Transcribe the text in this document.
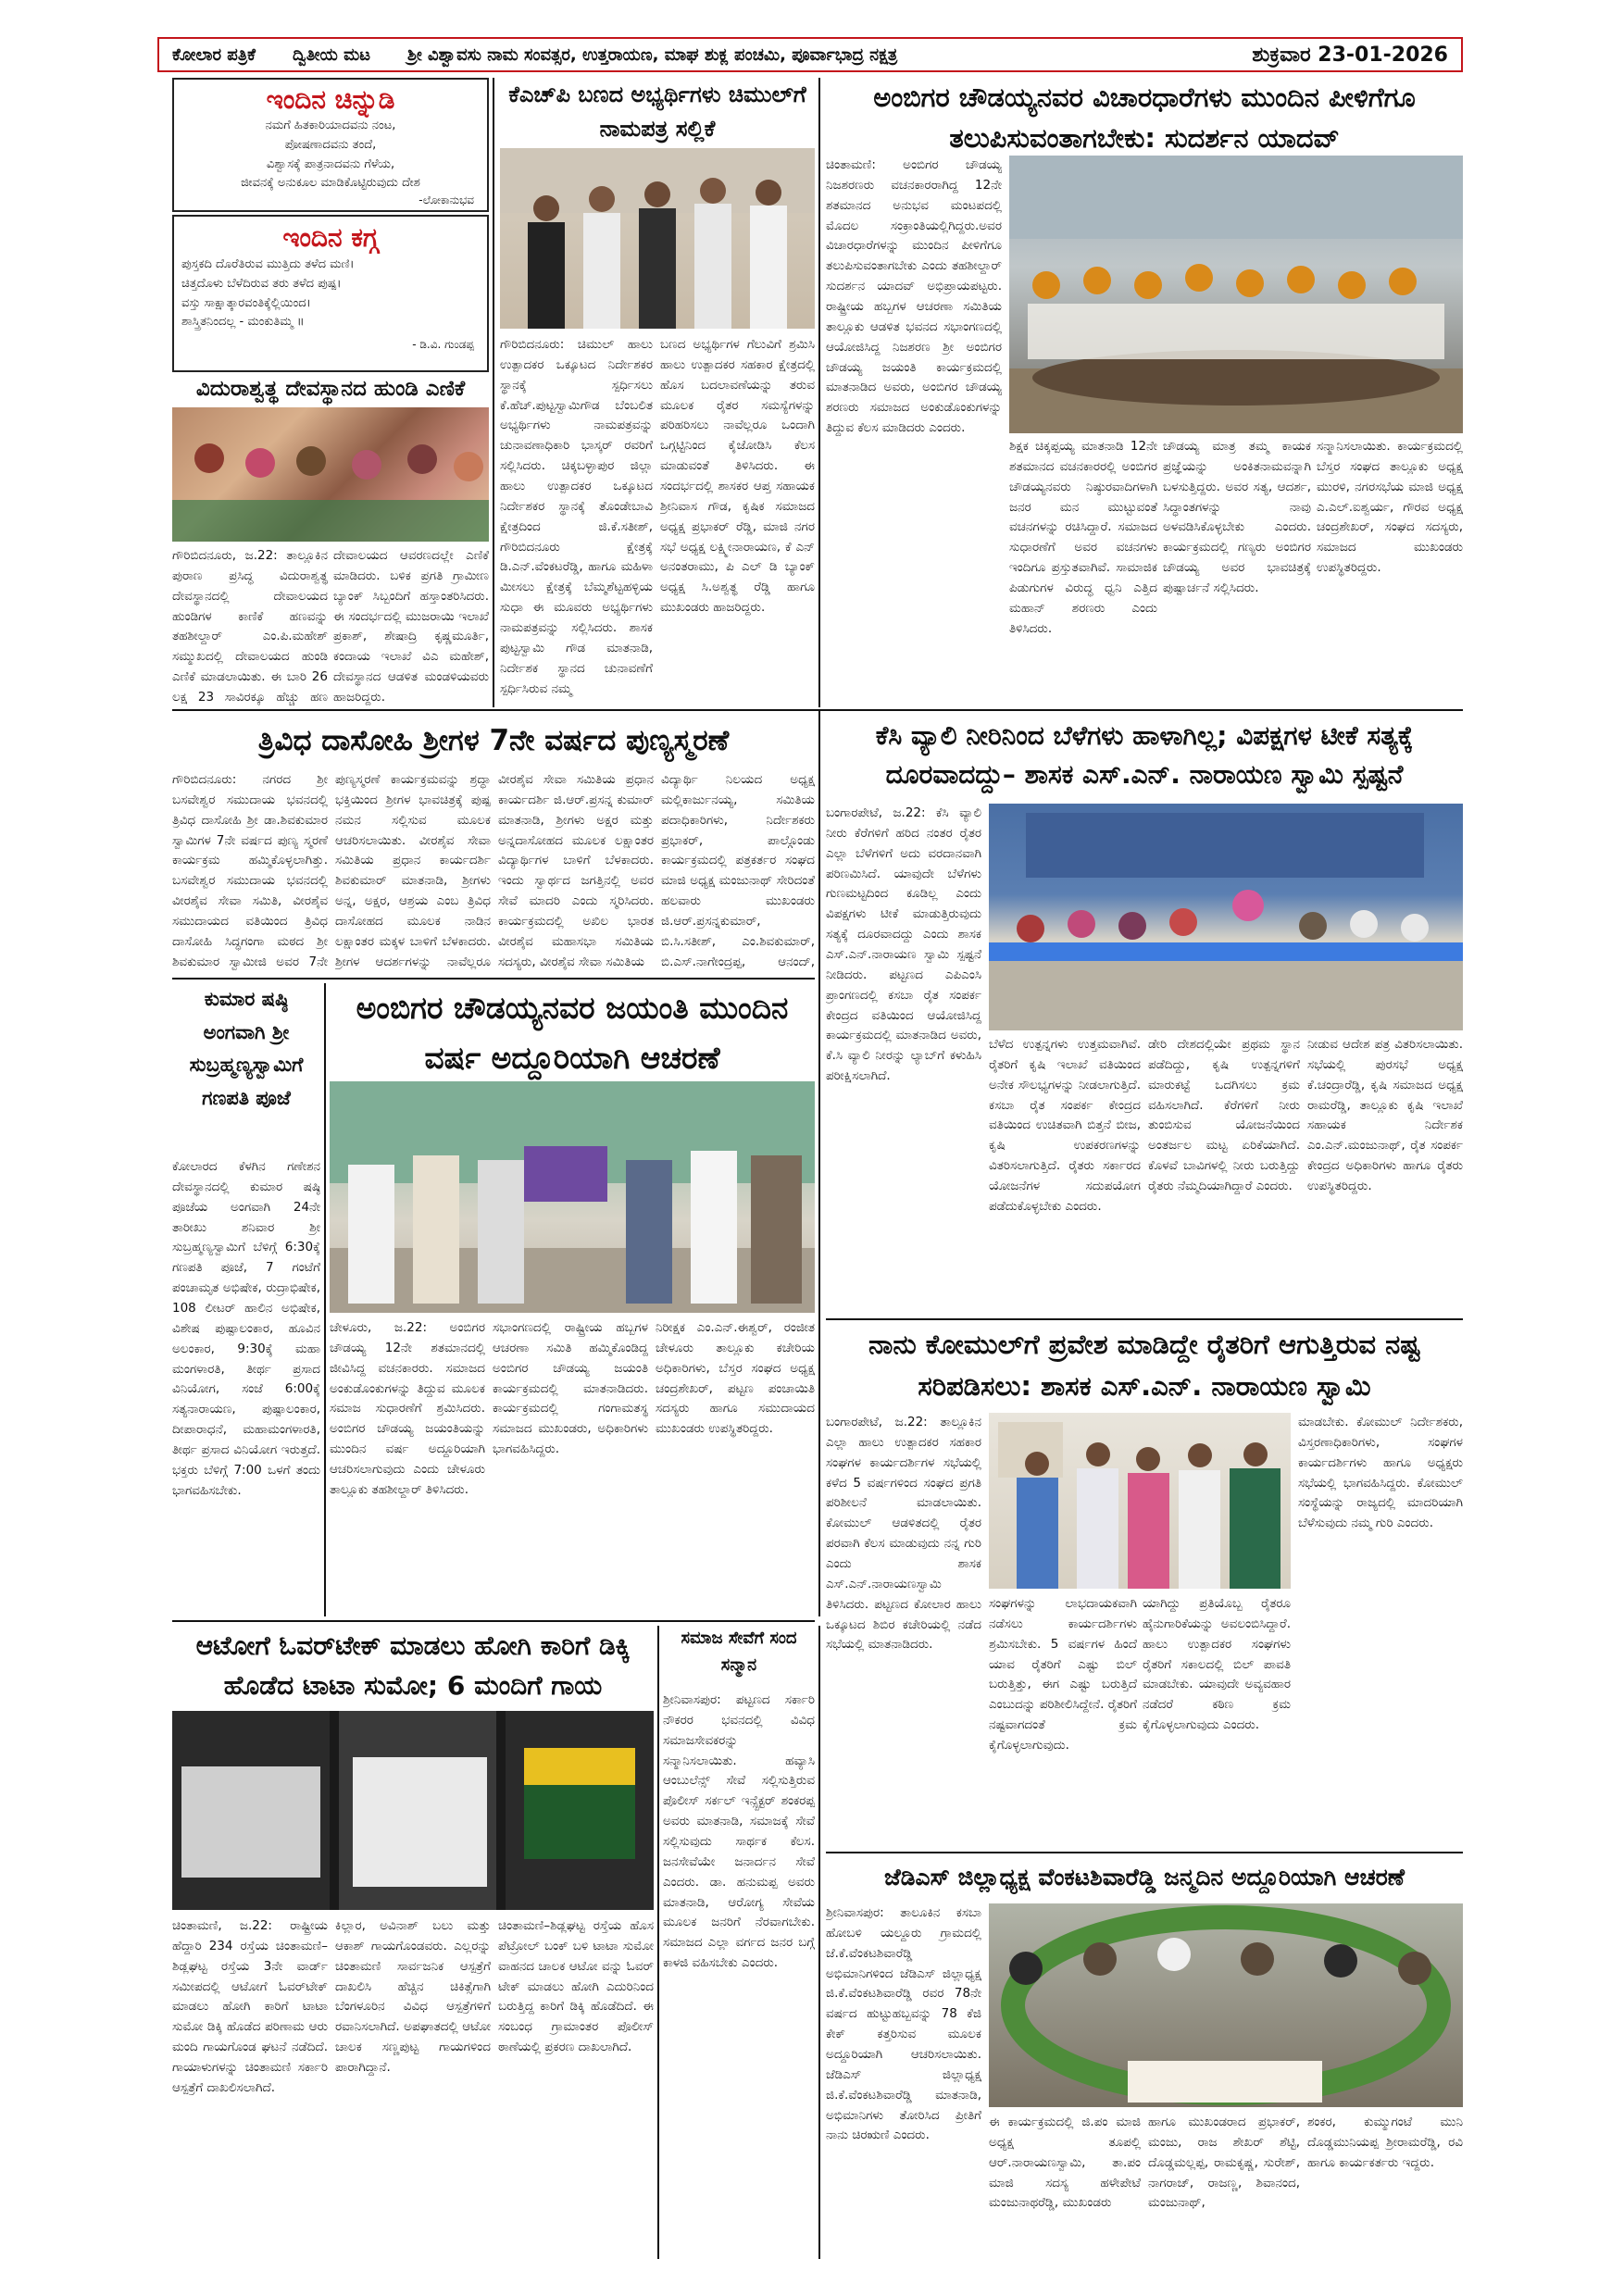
ಕೋಲಾರ ಪತ್ರಿಕೆ ದ್ವಿತೀಯ ಮಟ ಶ್ರೀ ವಿಶ್ವಾವಸು ನಾಮ ಸಂವತ್ಸರ, ಉತ್ತರಾಯಣ, ಮಾಘ ಶುಕ್ಲ ಪಂಚಮಿ, ಪೂರ್ವಾಭಾದ್ರ ನಕ್ಷತ್ರ	ಶುಕ್ರವಾರ 23-01-2026
ಇಂದಿನ ಚಿನ್ನುಡಿ
ನಮಗೆ ಹಿತಕಾರಿಯಾದವನು ನಂಟ,
ಪೋಷಣಾದವನು ತಂದೆ,
ವಿಶ್ವಾಸಕ್ಕೆ ಪಾತ್ರನಾದವನು ಗೆಳೆಯ,
ಜೀವನಕ್ಕೆ ಅನುಕೂಲ ಮಾಡಿಕೊಟ್ಟಿರುವುದು ದೇಶ
-ಲೋಕಾನುಭವ
ಇಂದಿನ ಕಗ್ಗ
ಪುಸ್ತಕದಿ ದೊರೆತಿರುವ ಮುತ್ತಿದು ತಳೆದ ಮಣಿ।
ಚಿತ್ತದೊಳು ಬೆಳೆದಿರುವ ತರು ತಳೆದ ಪುಷ್ಪ।
ವಸ್ತು ಸಾಕ್ಷಾತ್ಕಾರವಂತಿಕ್ಕೆಲ್ಲಿಯಿಂದ।
ಶಾಸ್ತ್ರಿತನಿಂದಲ್ಲ - ಮಂಕುತಿಮ್ಮ ॥
- ಡಿ.ವಿ. ಗುಂಡಪ್ಪ
ವಿದುರಾಶ್ವತ್ಥ ದೇವಸ್ಥಾನದ ಹುಂಡಿ ಎಣಿಕೆ

ಗೌರಿಬಿದನೂರು, ಜ.22: ತಾಲ್ಲೂಕಿನ ಪುರಾಣ ಪ್ರಸಿದ್ಧ ವಿದುರಾಶ್ವತ್ಥ ದೇವಸ್ಥಾನದಲ್ಲಿ ದೇವಾಲಯದ ಹುಂಡಿಗಳ ಕಾಣಿಕೆ ಹಣವನ್ನು ತಹಶೀಲ್ದಾರ್ ಎಂ.ಪಿ.ಮಹೇಶ್ ಸಮ್ಮುಖದಲ್ಲಿ ದೇವಾಲಯದ ಹುಂಡಿ ಎಣಿಕೆ ಮಾಡಲಾಯಿತು. ಈ ಬಾರಿ 26 ಲಕ್ಷ 23 ಸಾವಿರಕ್ಕೂ ಹೆಚ್ಚು ಹಣ

ದೇವಾಲಯದ ಆವರಣದಲ್ಲೇ ಎಣಿಕೆ ಮಾಡಿದರು. ಬಳಿಕ ಪ್ರಗತಿ ಗ್ರಾಮೀಣ ಬ್ಯಾಂಕ್ ಸಿಬ್ಬಂದಿಗೆ ಹಸ್ತಾಂತರಿಸಿದರು. ಈ ಸಂದರ್ಭದಲ್ಲಿ ಮುಜರಾಯಿ ಇಲಾಖೆ ಪ್ರಕಾಶ್, ಶೇಷಾದ್ರಿ ಕೃಷ್ಣಮೂರ್ತಿ, ಕಂದಾಯ ಇಲಾಖೆ ವಿಎ ಮಹೇಶ್, ದೇವಸ್ಥಾನದ ಆಡಳಿತ ಮಂಡಳಿಯವರು ಹಾಜರಿದ್ದರು.

ಕೆಎಚ್‌ಪಿ ಬಣದ ಅಭ್ಯರ್ಥಿಗಳು ಚಿಮುಲ್‌ಗೆ ನಾಮಪತ್ರ ಸಲ್ಲಿಕೆ

ಗೌರಿಬಿದನೂರು: ಚಿಮುಲ್ ಹಾಲು ಉತ್ಪಾದಕರ ಒಕ್ಕೂಟದ ನಿರ್ದೇಶಕರ ಸ್ಥಾನಕ್ಕೆ ಸ್ಪರ್ಧಿಸಲು ಕೆ.ಹೆಚ್.ಪುಟ್ಟಸ್ವಾಮಿಗೌಡ ಬೆಂಬಲಿತ ಅಭ್ಯರ್ಥಿಗಳು ನಾಮಪತ್ರವನ್ನು ಚುನಾವಣಾಧಿಕಾರಿ ಭಾಸ್ಕರ್ ರವರಿಗೆ ಸಲ್ಲಿಸಿದರು. ಚಿಕ್ಕಬಳ್ಳಾಪುರ ಜಿಲ್ಲಾ ಹಾಲು ಉತ್ಪಾದಕರ ಒಕ್ಕೂಟದ ನಿರ್ದೇಶಕರ ಸ್ಥಾನಕ್ಕೆ ತೊಂಡೇಬಾವಿ ಕ್ಷೇತ್ರದಿಂದ ಜಿ.ಕೆ.ಸತೀಶ್, ಗೌರಿಬಿದನೂರು ಕ್ಷೇತ್ರಕ್ಕೆ ಡಿ.ಎನ್.ವೆಂಕಟರೆಡ್ಡಿ, ಹಾಗೂ ಮಹಿಳಾ ಮೀಸಲು ಕ್ಷೇತ್ರಕ್ಕೆ ಬೆಮ್ಮಶೆಟ್ಟಹಳ್ಳಿಯ ಸುಧಾ ಈ ಮೂವರು ಅಭ್ಯರ್ಥಿಗಳು ನಾಮಪತ್ರವನ್ನು ಸಲ್ಲಿಸಿದರು. ಶಾಸಕ ಪುಟ್ಟಸ್ವಾಮಿ ಗೌಡ ಮಾತನಾಡಿ, ನಿರ್ದೇಶಕ ಸ್ಥಾನದ ಚುನಾವಣೆಗೆ ಸ್ಪರ್ಧಿಸಿರುವ ನಮ್ಮ

ಬಣದ ಅಭ್ಯರ್ಥಿಗಳ ಗೆಲುವಿಗೆ ಶ್ರಮಿಸಿ ಹಾಲು ಉತ್ಪಾದಕರ ಸಹಕಾರ ಕ್ಷೇತ್ರದಲ್ಲಿ ಹೊಸ ಬದಲಾವಣೆಯನ್ನು ತರುವ ಮೂಲಕ ರೈತರ ಸಮಸ್ಯೆಗಳನ್ನು ಪರಿಹರಿಸಲು ನಾವೆಲ್ಲರೂ ಒಂದಾಗಿ ಒಗ್ಗಟ್ಟಿನಿಂದ ಕೈಜೋಡಿಸಿ ಕೆಲಸ ಮಾಡುವಂತೆ ತಿಳಿಸಿದರು. ಈ ಸಂದರ್ಭದಲ್ಲಿ ಶಾಸಕರ ಆಪ್ತ ಸಹಾಯಕ ಶ್ರೀನಿವಾಸ ಗೌಡ, ಕೃಷಿಕ ಸಮಾಜದ ಅಧ್ಯಕ್ಷ ಪ್ರಭಾಕರ್ ರೆಡ್ಡಿ, ಮಾಜಿ ನಗರ ಸಭೆ ಅಧ್ಯಕ್ಷ ಲಕ್ಷ್ಮೀನಾರಾಯಣ, ಕೆ ಎನ್ ಅನಂತರಾಮು, ಪಿ ಎಲ್ ಡಿ ಬ್ಯಾಂಕ್ ಅಧ್ಯಕ್ಷ ಸಿ.ಅಶ್ವತ್ಥ ರೆಡ್ಡಿ ಹಾಗೂ ಮುಖಂಡರು ಹಾಜರಿದ್ದರು.

ಅಂಬಿಗರ ಚೌಡಯ್ಯನವರ ವಿಚಾರಧಾರೆಗಳು ಮುಂದಿನ ಪೀಳಿಗೆಗೂ ತಲುಪಿಸುವಂತಾಗಬೇಕು: ಸುದರ್ಶನ ಯಾದವ್

ಚಿಂತಾಮಣಿ: ಅಂಬಿಗರ ಚೌಡಯ್ಯ ನಿಜಶರಣರು ವಚನಕಾರರಾಗಿದ್ದ 12ನೇ ಶತಮಾನದ ಅನುಭವ ಮಂಟಪದಲ್ಲಿ ಮೊದಲ ಸಂಕ್ರಾಂತಿಯಲ್ಲಿಗಿದ್ದರು.ಅವರ ವಿಚಾರಧಾರೆಗಳನ್ನು ಮುಂದಿನ ಪೀಳಿಗೆಗೂ ತಲುಪಿಸುವಂತಾಗಬೇಕು ಎಂದು ತಹಶೀಲ್ದಾರ್ ಸುದರ್ಶನ ಯಾದವ್ ಅಭಿಪ್ರಾಯಪಟ್ಟರು. ರಾಷ್ಟ್ರೀಯ ಹಬ್ಬಗಳ ಆಚರಣಾ ಸಮಿತಿಯ ತಾಲ್ಲೂಕು ಆಡಳಿತ ಭವನದ ಸಭಾಂಗಣದಲ್ಲಿ ಆಯೋಜಿಸಿದ್ದ ನಿಜಶರಣ ಶ್ರೀ ಅಂಬಿಗರ ಚೌಡಯ್ಯ ಜಯಂತಿ ಕಾರ್ಯಕ್ರಮದಲ್ಲಿ ಮಾತನಾಡಿದ ಅವರು, ಅಂಬಿಗರ ಚೌಡಯ್ಯ ಶರಣರು ಸಮಾಜದ ಅಂಕುಡೊಂಕುಗಳನ್ನು ತಿದ್ದುವ ಕೆಲಸ ಮಾಡಿದರು ಎಂದರು.

ಶಿಕ್ಷಕ ಚಿಕ್ಕಪ್ಪಯ್ಯ ಮಾತನಾಡಿ 12ನೇ ಶತಮಾನದ ವಚನಕಾರರಲ್ಲಿ ಅಂಬಿಗರ ಚೌಡಯ್ಯನವರು ನಿಷ್ಠುರವಾದಿಗಳಾಗಿ ಜನರ ಮನ ಮುಟ್ಟುವಂತೆ ವಚನಗಳನ್ನು ರಚಿಸಿದ್ದಾರೆ. ಸಮಾಜದ ಸುಧಾರಣೆಗೆ ಅವರ ವಚನಗಳು ಇಂದಿಗೂ ಪ್ರಸ್ತುತವಾಗಿವೆ. ಸಾಮಾಜಿಕ ಪಿಡುಗುಗಳ ವಿರುದ್ಧ ಧ್ವನಿ ಎತ್ತಿದ ಮಹಾನ್ ಶರಣರು ಎಂದು ತಿಳಿಸಿದರು.

ಚೌಡಯ್ಯ ಮಾತ್ರ ತಮ್ಮ ಕಾಯಕ ಪ್ರಜ್ಞೆಯನ್ನು ಅಂಕಿತನಾಮವನ್ನಾಗಿ ಬಳಸುತ್ತಿದ್ದರು. ಅವರ ಸತ್ಯ, ಆದರ್ಶ, ಸಿದ್ಧಾಂತಗಳನ್ನು ನಾವು ಅಳವಡಿಸಿಕೊಳ್ಳಬೇಕು ಎಂದರು. ಕಾರ್ಯಕ್ರಮದಲ್ಲಿ ಗಣ್ಯರು ಅಂಬಿಗರ ಚೌಡಯ್ಯ ಅವರ ಭಾವಚಿತ್ರಕ್ಕೆ ಪುಷ್ಪಾರ್ಚನೆ ಸಲ್ಲಿಸಿದರು.

ಸನ್ಮಾನಿಸಲಾಯಿತು. ಕಾರ್ಯಕ್ರಮದಲ್ಲಿ ಬೆಸ್ತರ ಸಂಘದ ತಾಲ್ಲೂಕು ಅಧ್ಯಕ್ಷ ಮುರಳಿ, ನಗರಸಭೆಯ ಮಾಜಿ ಅಧ್ಯಕ್ಷ ಎ.ಎಲ್.ಐಶ್ವರ್ಯ, ಗೌರವ ಅಧ್ಯಕ್ಷ ಚಂದ್ರಶೇಖರ್, ಸಂಘದ ಸದಸ್ಯರು, ಸಮಾಜದ ಮುಖಂಡರು ಉಪಸ್ಥಿತರಿದ್ದರು.

ತ್ರಿವಿಧ ದಾಸೋಹಿ ಶ್ರೀಗಳ 7ನೇ ವರ್ಷದ ಪುಣ್ಯಸ್ಮರಣೆ

ಗೌರಿಬಿದನೂರು: ನಗರದ ಶ್ರೀ ಬಸವೇಶ್ವರ ಸಮುದಾಯ ಭವನದಲ್ಲಿ ತ್ರಿವಿಧ ದಾಸೋಹಿ ಶ್ರೀ ಡಾ.ಶಿವಕುಮಾರ ಸ್ವಾಮಿಗಳ 7ನೇ ವರ್ಷದ ಪುಣ್ಯ ಸ್ಮರಣೆ ಕಾರ್ಯಕ್ರಮ ಹಮ್ಮಿಕೊಳ್ಳಲಾಗಿತ್ತು. ಬಸವೇಶ್ವರ ಸಮುದಾಯ ಭವನದಲ್ಲಿ ವೀರಶೈವ ಸೇವಾ ಸಮಿತಿ, ವೀರಶೈವ ಸಮುದಾಯದ ವತಿಯಿಂದ ತ್ರಿವಿಧ ದಾಸೋಹಿ ಸಿದ್ಧಗಂಗಾ ಮಠದ ಶ್ರೀ ಶಿವಕುಮಾರ ಸ್ವಾಮೀಜಿ ಅವರ 7ನೇ

ಪುಣ್ಯಸ್ಮರಣೆ ಕಾರ್ಯಕ್ರಮವನ್ನು ಶ್ರದ್ಧಾ ಭಕ್ತಿಯಿಂದ ಶ್ರೀಗಳ ಭಾವಚಿತ್ರಕ್ಕೆ ಪುಷ್ಪ ನಮನ ಸಲ್ಲಿಸುವ ಮೂಲಕ ಆಚರಿಸಲಾಯಿತು. ವೀರಶೈವ ಸೇವಾ ಸಮಿತಿಯ ಪ್ರಧಾನ ಕಾರ್ಯದರ್ಶಿ ಶಿವಕುಮಾರ್ ಮಾತನಾಡಿ, ಶ್ರೀಗಳು ಅನ್ನ, ಅಕ್ಷರ, ಆಶ್ರಯ ಎಂಬ ತ್ರಿವಿಧ ದಾಸೋಹದ ಮೂಲಕ ನಾಡಿನ ಲಕ್ಷಾಂತರ ಮಕ್ಕಳ ಬಾಳಿಗೆ ಬೆಳಕಾದರು. ಶ್ರೀಗಳ ಆದರ್ಶಗಳನ್ನು ನಾವೆಲ್ಲರೂ

ವೀರಶೈವ ಸೇವಾ ಸಮಿತಿಯ ಪ್ರಧಾನ ಕಾರ್ಯದರ್ಶಿ ಜಿ.ಆರ್.ಪ್ರಸನ್ನ ಕುಮಾರ್ ಮಾತನಾಡಿ, ಶ್ರೀಗಳು ಅಕ್ಷರ ಮತ್ತು ಅನ್ನದಾಸೋಹದ ಮೂಲಕ ಲಕ್ಷಾಂತರ ವಿದ್ಯಾರ್ಥಿಗಳ ಬಾಳಿಗೆ ಬೆಳಕಾದರು. ಇಂದು ಸ್ವಾರ್ಥದ ಜಗತ್ತಿನಲ್ಲಿ ಅವರ ಸೇವೆ ಮಾದರಿ ಎಂದು ಸ್ಮರಿಸಿದರು. ಕಾರ್ಯಕ್ರಮದಲ್ಲಿ ಅಖಿಲ ಭಾರತ ವೀರಶೈವ ಮಹಾಸಭಾ ಸಮಿತಿಯ ಸದಸ್ಯರು, ವೀರಶೈವ ಸೇವಾ ಸಮಿತಿಯ

ವಿದ್ಯಾರ್ಥಿ ನಿಲಯದ ಅಧ್ಯಕ್ಷ ಮಲ್ಲಿಕಾರ್ಜುನಯ್ಯ, ಸಮಿತಿಯ ಪದಾಧಿಕಾರಿಗಳು, ನಿರ್ದೇಶಕರು ಪ್ರಭಾಕರ್, ಪಾಲ್ಗೊಂಡು ಕಾರ್ಯಕ್ರಮದಲ್ಲಿ ಪತ್ರಕರ್ತರ ಸಂಘದ ಮಾಜಿ ಅಧ್ಯಕ್ಷ ಮಂಜುನಾಥ್ ಸೇರಿದಂತೆ ಹಲವಾರು ಮುಖಂಡರು ಜಿ.ಆರ್.ಪ್ರಸನ್ನಕುಮಾರ್, ಬಿ.ಸಿ.ಸತೀಶ್, ಎಂ.ಶಿವಕುಮಾರ್, ಬಿ.ಎಸ್.ನಾಗೇಂದ್ರಪ್ಪ, ಆನಂದ್,

ಕೆಸಿ ವ್ಯಾಲಿ ನೀರಿನಿಂದ ಬೆಳೆಗಳು ಹಾಳಾಗಿಲ್ಲ; ವಿಪಕ್ಷಗಳ ಟೀಕೆ ಸತ್ಯಕ್ಕೆ ದೂರವಾದದ್ದು– ಶಾಸಕ ಎಸ್.ಎನ್. ನಾರಾಯಣ ಸ್ವಾಮಿ ಸ್ಪಷ್ಟನೆ

ಬಂಗಾರಪೇಟೆ, ಜ.22: ಕೆಸಿ ವ್ಯಾಲಿ ನೀರು ಕೆರೆಗಳಿಗೆ ಹರಿದ ನಂತರ ರೈತರ ಎಲ್ಲಾ ಬೆಳೆಗಳಿಗೆ ಅದು ವರದಾನವಾಗಿ ಪರಿಣಮಿಸಿದೆ. ಯಾವುದೇ ಬೆಳೆಗಳು ಗುಣಮಟ್ಟದಿಂದ ಕೂಡಿಲ್ಲ ಎಂದು ವಿಪಕ್ಷಗಳು ಟೀಕೆ ಮಾಡುತ್ತಿರುವುದು ಸತ್ಯಕ್ಕೆ ದೂರವಾದದ್ದು ಎಂದು ಶಾಸಕ ಎಸ್.ಎನ್.ನಾರಾಯಣ ಸ್ವಾಮಿ ಸ್ಪಷ್ಟನೆ ನೀಡಿದರು. ಪಟ್ಟಣದ ಎಪಿಎಂಸಿ ಪ್ರಾಂಗಣದಲ್ಲಿ ಕಸಬಾ ರೈತ ಸಂಪರ್ಕ ಕೇಂದ್ರದ ವತಿಯಿಂದ ಆಯೋಜಿಸಿದ್ದ ಕಾರ್ಯಕ್ರಮದಲ್ಲಿ ಮಾತನಾಡಿದ ಅವರು, ಕೆ.ಸಿ ವ್ಯಾಲಿ ನೀರನ್ನು ಲ್ಯಾಬ್‌ಗೆ ಕಳುಹಿಸಿ ಪರೀಕ್ಷಿಸಲಾಗಿದೆ.

ಬೆಳೆದ ಉತ್ಪನ್ನಗಳು ಉತ್ತಮವಾಗಿವೆ. ರೈತರಿಗೆ ಕೃಷಿ ಇಲಾಖೆ ವತಿಯಿಂದ ಅನೇಕ ಸೌಲಭ್ಯಗಳನ್ನು ನೀಡಲಾಗುತ್ತಿದೆ. ಕಸಬಾ ರೈತ ಸಂಪರ್ಕ ಕೇಂದ್ರದ ವತಿಯಿಂದ ಉಚಿತವಾಗಿ ಬಿತ್ತನೆ ಬೀಜ, ಕೃಷಿ ಉಪಕರಣಗಳನ್ನು ವಿತರಿಸಲಾಗುತ್ತಿದೆ. ರೈತರು ಸರ್ಕಾರದ ಯೋಜನೆಗಳ ಸದುಪಯೋಗ ಪಡೆದುಕೊಳ್ಳಬೇಕು ಎಂದರು.

ಡೇರಿ ದೇಶದಲ್ಲಿಯೇ ಪ್ರಥಮ ಸ್ಥಾನ ಪಡೆದಿದ್ದು, ಕೃಷಿ ಉತ್ಪನ್ನಗಳಿಗೆ ಮಾರುಕಟ್ಟೆ ಒದಗಿಸಲು ಕ್ರಮ ವಹಿಸಲಾಗಿದೆ. ಕೆರೆಗಳಿಗೆ ನೀರು ತುಂಬಿಸುವ ಯೋಜನೆಯಿಂದ ಅಂತರ್ಜಲ ಮಟ್ಟ ಏರಿಕೆಯಾಗಿದೆ. ಕೊಳವೆ ಬಾವಿಗಳಲ್ಲಿ ನೀರು ಬರುತ್ತಿದ್ದು ರೈತರು ನೆಮ್ಮದಿಯಾಗಿದ್ದಾರೆ ಎಂದರು.

ನೀಡುವ ಆದೇಶ ಪತ್ರ ವಿತರಿಸಲಾಯಿತು. ಸಭೆಯಲ್ಲಿ ಪುರಸಭೆ ಅಧ್ಯಕ್ಷ ಕೆ.ಚಂದ್ರಾರೆಡ್ಡಿ, ಕೃಷಿ ಸಮಾಜದ ಅಧ್ಯಕ್ಷ ರಾಮರೆಡ್ಡಿ, ತಾಲ್ಲೂಕು ಕೃಷಿ ಇಲಾಖೆ ಸಹಾಯಕ ನಿರ್ದೇಶಕ ಎಂ.ಎನ್.ಮಂಜುನಾಥ್, ರೈತ ಸಂಪರ್ಕ ಕೇಂದ್ರದ ಅಧಿಕಾರಿಗಳು ಹಾಗೂ ರೈತರು ಉಪಸ್ಥಿತರಿದ್ದರು.

ಕುಮಾರ ಷಷ್ಠಿ ಅಂಗವಾಗಿ ಶ್ರೀ ಸುಬ್ರಹ್ಮಣ್ಯಸ್ವಾಮಿಗೆ ಗಣಪತಿ ಪೂಜೆ

ಕೋಲಾರದ ಕೆಳಗಿನ ಗಣೇಶನ ದೇವಸ್ಥಾನದಲ್ಲಿ ಕುಮಾರ ಷಷ್ಠಿ ಪೂಜೆಯ ಅಂಗವಾಗಿ 24ನೇ ತಾರೀಖು ಶನಿವಾರ ಶ್ರೀ ಸುಬ್ರಹ್ಮಣ್ಯಸ್ವಾಮಿಗೆ ಬೆಳಿಗ್ಗೆ 6:30ಕ್ಕೆ ಗಣಪತಿ ಪೂಜೆ, 7 ಗಂಟೆಗೆ ಪಂಚಾಮೃತ ಅಭಿಷೇಕ, ರುದ್ರಾಭಿಷೇಕ, 108 ಲೀಟರ್ ಹಾಲಿನ ಅಭಿಷೇಕ, ವಿಶೇಷ ಪುಷ್ಪಾಲಂಕಾರ, ಹೂವಿನ ಅಲಂಕಾರ, 9:30ಕ್ಕೆ ಮಹಾ ಮಂಗಳಾರತಿ, ತೀರ್ಥ ಪ್ರಸಾದ ವಿನಿಯೋಗ, ಸಂಜೆ 6:00ಕ್ಕೆ ಸತ್ಯನಾರಾಯಣ, ಪುಷ್ಪಾಲಂಕಾರ, ದೀಪಾರಾಧನೆ, ಮಹಾಮಂಗಳಾರತಿ, ತೀರ್ಥ ಪ್ರಸಾದ ವಿನಿಯೋಗ ಇರುತ್ತದೆ. ಭಕ್ತರು ಬೆಳಿಗ್ಗೆ 7:00 ಒಳಗೆ ತಂದು ಭಾಗವಹಿಸಬೇಕು.

ಅಂಬಿಗರ ಚೌಡಯ್ಯನವರ ಜಯಂತಿ ಮುಂದಿನ ವರ್ಷ ಅದ್ದೂರಿಯಾಗಿ ಆಚರಣೆ

ಚೇಳೂರು, ಜ.22: ಅಂಬಿಗರ ಚೌಡಯ್ಯ 12ನೇ ಶತಮಾನದಲ್ಲಿ ಜೀವಿಸಿದ್ದ ವಚನಕಾರರು. ಸಮಾಜದ ಅಂಕುಡೊಂಕುಗಳನ್ನು ತಿದ್ದುವ ಮೂಲಕ ಸಮಾಜ ಸುಧಾರಣೆಗೆ ಶ್ರಮಿಸಿದರು. ಅಂಬಿಗರ ಚೌಡಯ್ಯ ಜಯಂತಿಯನ್ನು ಮುಂದಿನ ವರ್ಷ ಅದ್ದೂರಿಯಾಗಿ ಆಚರಿಸಲಾಗುವುದು ಎಂದು ಚೇಳೂರು ತಾಲ್ಲೂಕು ತಹಶೀಲ್ದಾರ್ ತಿಳಿಸಿದರು.

ಸಭಾಂಗಣದಲ್ಲಿ ರಾಷ್ಟ್ರೀಯ ಹಬ್ಬಗಳ ಆಚರಣಾ ಸಮಿತಿ ಹಮ್ಮಿಕೊಂಡಿದ್ದ ಅಂಬಿಗರ ಚೌಡಯ್ಯ ಜಯಂತಿ ಕಾರ್ಯಕ್ರಮದಲ್ಲಿ ಮಾತನಾಡಿದರು. ಕಾರ್ಯಕ್ರಮದಲ್ಲಿ ಗಂಗಾಮತಸ್ಥ ಸಮಾಜದ ಮುಖಂಡರು, ಅಧಿಕಾರಿಗಳು ಭಾಗವಹಿಸಿದ್ದರು.

ನಿರೀಕ್ಷಕ ಎಂ.ಎನ್.ಈಶ್ವರ್, ರಂಜೀತ ಚೇಳೂರು ತಾಲ್ಲೂಕು ಕಚೇರಿಯ ಅಧಿಕಾರಿಗಳು, ಬೆಸ್ತರ ಸಂಘದ ಅಧ್ಯಕ್ಷ ಚಂದ್ರಶೇಖರ್, ಪಟ್ಟಣ ಪಂಚಾಯಿತಿ ಸದಸ್ಯರು ಹಾಗೂ ಸಮುದಾಯದ ಮುಖಂಡರು ಉಪಸ್ಥಿತರಿದ್ದರು.

ನಾನು ಕೋಮುಲ್‌ಗೆ ಪ್ರವೇಶ ಮಾಡಿದ್ದೇ ರೈತರಿಗೆ ಆಗುತ್ತಿರುವ ನಷ್ಟ ಸರಿಪಡಿಸಲು: ಶಾಸಕ ಎಸ್.ಎನ್. ನಾರಾಯಣ ಸ್ವಾಮಿ

ಬಂಗಾರಪೇಟೆ, ಜ.22: ತಾಲ್ಲೂಕಿನ ಎಲ್ಲಾ ಹಾಲು ಉತ್ಪಾದಕರ ಸಹಕಾರ ಸಂಘಗಳ ಕಾರ್ಯದರ್ಶಿಗಳ ಸಭೆಯಲ್ಲಿ ಕಳೆದ 5 ವರ್ಷಗಳಿಂದ ಸಂಘದ ಪ್ರಗತಿ ಪರಿಶೀಲನೆ ಮಾಡಲಾಯಿತು. ಕೋಮುಲ್ ಆಡಳಿತದಲ್ಲಿ ರೈತರ ಪರವಾಗಿ ಕೆಲಸ ಮಾಡುವುದು ನನ್ನ ಗುರಿ ಎಂದು ಶಾಸಕ ಎಸ್.ಎನ್.ನಾರಾಯಣಸ್ವಾಮಿ ತಿಳಿಸಿದರು. ಪಟ್ಟಣದ ಕೋಲಾರ ಹಾಲು ಒಕ್ಕೂಟದ ಶಿಬಿರ ಕಚೇರಿಯಲ್ಲಿ ನಡೆದ ಸಭೆಯಲ್ಲಿ ಮಾತನಾಡಿದರು.

ಮಾಡಬೇಕು. ಕೋಮುಲ್ ನಿರ್ದೇಶಕರು, ವಿಸ್ತರಣಾಧಿಕಾರಿಗಳು, ಸಂಘಗಳ ಕಾರ್ಯದರ್ಶಿಗಳು ಹಾಗೂ ಅಧ್ಯಕ್ಷರು ಸಭೆಯಲ್ಲಿ ಭಾಗವಹಿಸಿದ್ದರು. ಕೋಮುಲ್ ಸಂಸ್ಥೆಯನ್ನು ರಾಜ್ಯದಲ್ಲಿ ಮಾದರಿಯಾಗಿ ಬೆಳೆಸುವುದು ನಮ್ಮ ಗುರಿ ಎಂದರು.

ಸಂಘಗಳನ್ನು ಲಾಭದಾಯಕವಾಗಿ ನಡೆಸಲು ಕಾರ್ಯದರ್ಶಿಗಳು ಶ್ರಮಿಸಬೇಕು. 5 ವರ್ಷಗಳ ಹಿಂದೆ ಯಾವ ರೈತರಿಗೆ ಎಷ್ಟು ಬಿಲ್ ಬರುತ್ತಿತ್ತು, ಈಗ ಎಷ್ಟು ಬರುತ್ತಿದೆ ಎಂಬುದನ್ನು ಪರಿಶೀಲಿಸಿದ್ದೇನೆ. ರೈತರಿಗೆ ನಷ್ಟವಾಗದಂತೆ ಕ್ರಮ ಕೈಗೊಳ್ಳಲಾಗುವುದು.

ಯಾಗಿದ್ದು ಪ್ರತಿಯೊಬ್ಬ ರೈತರೂ ಹೈನುಗಾರಿಕೆಯನ್ನು ಅವಲಂಬಿಸಿದ್ದಾರೆ. ಹಾಲು ಉತ್ಪಾದಕರ ಸಂಘಗಳು ರೈತರಿಗೆ ಸಕಾಲದಲ್ಲಿ ಬಿಲ್ ಪಾವತಿ ಮಾಡಬೇಕು. ಯಾವುದೇ ಅವ್ಯವಹಾರ ನಡೆದರೆ ಕಠಿಣ ಕ್ರಮ ಕೈಗೊಳ್ಳಲಾಗುವುದು ಎಂದರು.

ಆಟೋಗೆ ಓವರ್‌ಟೇಕ್ ಮಾಡಲು ಹೋಗಿ ಕಾರಿಗೆ ಡಿಕ್ಕಿ ಹೊಡೆದ ಟಾಟಾ ಸುಮೋ; 6 ಮಂದಿಗೆ ಗಾಯ

ಚಿಂತಾಮಣಿ, ಜ.22: ರಾಷ್ಟ್ರೀಯ ಹೆದ್ದಾರಿ 234 ರಸ್ತೆಯ ಚಿಂತಾಮಣಿ–ಶಿಡ್ಲಘಟ್ಟ ರಸ್ತೆಯ 3ನೇ ವಾರ್ಡ್ ಸಮೀಪದಲ್ಲಿ ಆಟೋಗೆ ಓವರ್‌ಟೇಕ್ ಮಾಡಲು ಹೋಗಿ ಕಾರಿಗೆ ಟಾಟಾ ಸುಮೋ ಡಿಕ್ಕಿ ಹೊಡೆದ ಪರಿಣಾಮ ಆರು ಮಂದಿ ಗಾಯಗೊಂಡ ಘಟನೆ ನಡೆದಿದೆ. ಗಾಯಾಳುಗಳನ್ನು ಚಿಂತಾಮಣಿ ಸರ್ಕಾರಿ ಆಸ್ಪತ್ರೆಗೆ ದಾಖಲಿಸಲಾಗಿದೆ.

ಕಿಲ್ಲಾರ, ಅವಿನಾಶ್ ಬಲು ಮತ್ತು ಆಕಾಶ್ ಗಾಯಗೊಂಡವರು. ಎಲ್ಲರನ್ನು ಚಿಂತಾಮಣಿ ಸಾರ್ವಜನಿಕ ಆಸ್ಪತ್ರೆಗೆ ದಾಖಲಿಸಿ ಹೆಚ್ಚಿನ ಚಿಕಿತ್ಸೆಗಾಗಿ ಬೆಂಗಳೂರಿನ ವಿವಿಧ ಆಸ್ಪತ್ರೆಗಳಿಗೆ ರವಾನಿಸಲಾಗಿದೆ. ಅಪಘಾತದಲ್ಲಿ ಆಟೋ ಚಾಲಕ ಸಣ್ಣಪುಟ್ಟ ಗಾಯಗಳಿಂದ ಪಾರಾಗಿದ್ದಾನೆ.

ಚಿಂತಾಮಣಿ–ಶಿಡ್ಲಘಟ್ಟ ರಸ್ತೆಯ ಹೊಸ ಪೆಟ್ರೋಲ್ ಬಂಕ್ ಬಳಿ ಟಾಟಾ ಸುಮೋ ವಾಹನದ ಚಾಲಕ ಆಟೋ ವನ್ನು ಓವರ್ ಟೇಕ್ ಮಾಡಲು ಹೋಗಿ ಎದುರಿನಿಂದ ಬರುತ್ತಿದ್ದ ಕಾರಿಗೆ ಡಿಕ್ಕಿ ಹೊಡೆದಿದೆ. ಈ ಸಂಬಂಧ ಗ್ರಾಮಾಂತರ ಪೊಲೀಸ್ ಠಾಣೆಯಲ್ಲಿ ಪ್ರಕರಣ ದಾಖಲಾಗಿದೆ.

ಸಮಾಜ ಸೇವೆಗೆ ಸಂದ ಸನ್ಮಾನ

ಶ್ರೀನಿವಾಸಪುರ: ಪಟ್ಟಣದ ಸರ್ಕಾರಿ ನೌಕರರ ಭವನದಲ್ಲಿ ವಿವಿಧ ಸಮಾಜಸೇವಕರನ್ನು ಸನ್ಮಾನಿಸಲಾಯಿತು. ಹವ್ಯಾಸಿ ಆಂಬುಲೆನ್ಸ್ ಸೇವೆ ಸಲ್ಲಿಸುತ್ತಿರುವ ಪೊಲೀಸ್ ಸರ್ಕಲ್ ಇನ್ಸ್ಪೆಕ್ಟರ್ ಶಂಕರಪ್ಪ ಅವರು ಮಾತನಾಡಿ, ಸಮಾಜಕ್ಕೆ ಸೇವೆ ಸಲ್ಲಿಸುವುದು ಸಾರ್ಥಕ ಕೆಲಸ. ಜನಸೇವೆಯೇ ಜನಾರ್ದನ ಸೇವೆ ಎಂದರು. ಡಾ. ಹನುಮಪ್ಪ ಅವರು ಮಾತನಾಡಿ, ಆರೋಗ್ಯ ಸೇವೆಯ ಮೂಲಕ ಜನರಿಗೆ ನೆರವಾಗಬೇಕು. ಸಮಾಜದ ಎಲ್ಲಾ ವರ್ಗದ ಜನರ ಬಗ್ಗೆ ಕಾಳಜಿ ವಹಿಸಬೇಕು ಎಂದರು.

ಜೆಡಿಎಸ್ ಜಿಲ್ಲಾಧ್ಯಕ್ಷ ವೆಂಕಟಶಿವಾರೆಡ್ಡಿ ಜನ್ಮದಿನ ಅದ್ದೂರಿಯಾಗಿ ಆಚರಣೆ

ಶ್ರೀನಿವಾಸಪುರ: ತಾಲೂಕಿನ ಕಸಬಾ ಹೋಬಳಿ ಯಲ್ದೂರು ಗ್ರಾಮದಲ್ಲಿ ಜೆ.ಕೆ.ವೆಂಕಟಶಿವಾರೆಡ್ಡಿ ಅಭಿಮಾನಿಗಳಿಂದ ಜೆಡಿಎಸ್ ಜಿಲ್ಲಾಧ್ಯಕ್ಷ ಜಿ.ಕೆ.ವೆಂಕಟಶಿವಾರೆಡ್ಡಿ ರವರ 78ನೇ ವರ್ಷದ ಹುಟ್ಟುಹಬ್ಬವನ್ನು 78 ಕೆಜಿ ಕೇಕ್ ಕತ್ತರಿಸುವ ಮೂಲಕ ಅದ್ದೂರಿಯಾಗಿ ಆಚರಿಸಲಾಯಿತು. ಜೆಡಿಎಸ್ ಜಿಲ್ಲಾಧ್ಯಕ್ಷ ಜಿ.ಕೆ.ವೆಂಕಟಶಿವಾರೆಡ್ಡಿ ಮಾತನಾಡಿ, ಅಭಿಮಾನಿಗಳು ತೋರಿಸಿದ ಪ್ರೀತಿಗೆ ನಾನು ಚಿರಋಣಿ ಎಂದರು.

ಈ ಕಾರ್ಯಕ್ರಮದಲ್ಲಿ ಜಿ.ಪಂ ಮಾಜಿ ಅಧ್ಯಕ್ಷ ತೂಪಲ್ಲಿ ಆರ್.ನಾರಾಯಣಸ್ವಾಮಿ, ತಾ.ಪಂ ಮಾಜಿ ಸದಸ್ಯ ಹಳೇಪೇಟೆ ಮಂಜುನಾಥರೆಡ್ಡಿ, ಮುಖಂಡರು

ಹಾಗೂ ಮುಖಂಡರಾದ ಪ್ರಭಾಕರ್, ಮಂಜು, ರಾಜ ಶೇಖರ್ ಶೆಟ್ಟಿ, ದೊಡ್ಡಮಲ್ಲಪ್ಪ, ರಾಮಕೃಷ್ಣ, ಸುರೇಶ್, ನಾಗರಾಜ್, ರಾಜಣ್ಣ, ಶಿವಾನಂದ, ಮಂಜುನಾಥ್,

ಶಂಕರ, ಕುಮ್ಮುಗಂಟೆ ಮುನಿ ದೊಡ್ಡಮುನಿಯಪ್ಪ ಶ್ರೀರಾಮರೆಡ್ಡಿ, ರವಿ ಹಾಗೂ ಕಾರ್ಯಕರ್ತರು ಇದ್ದರು.
